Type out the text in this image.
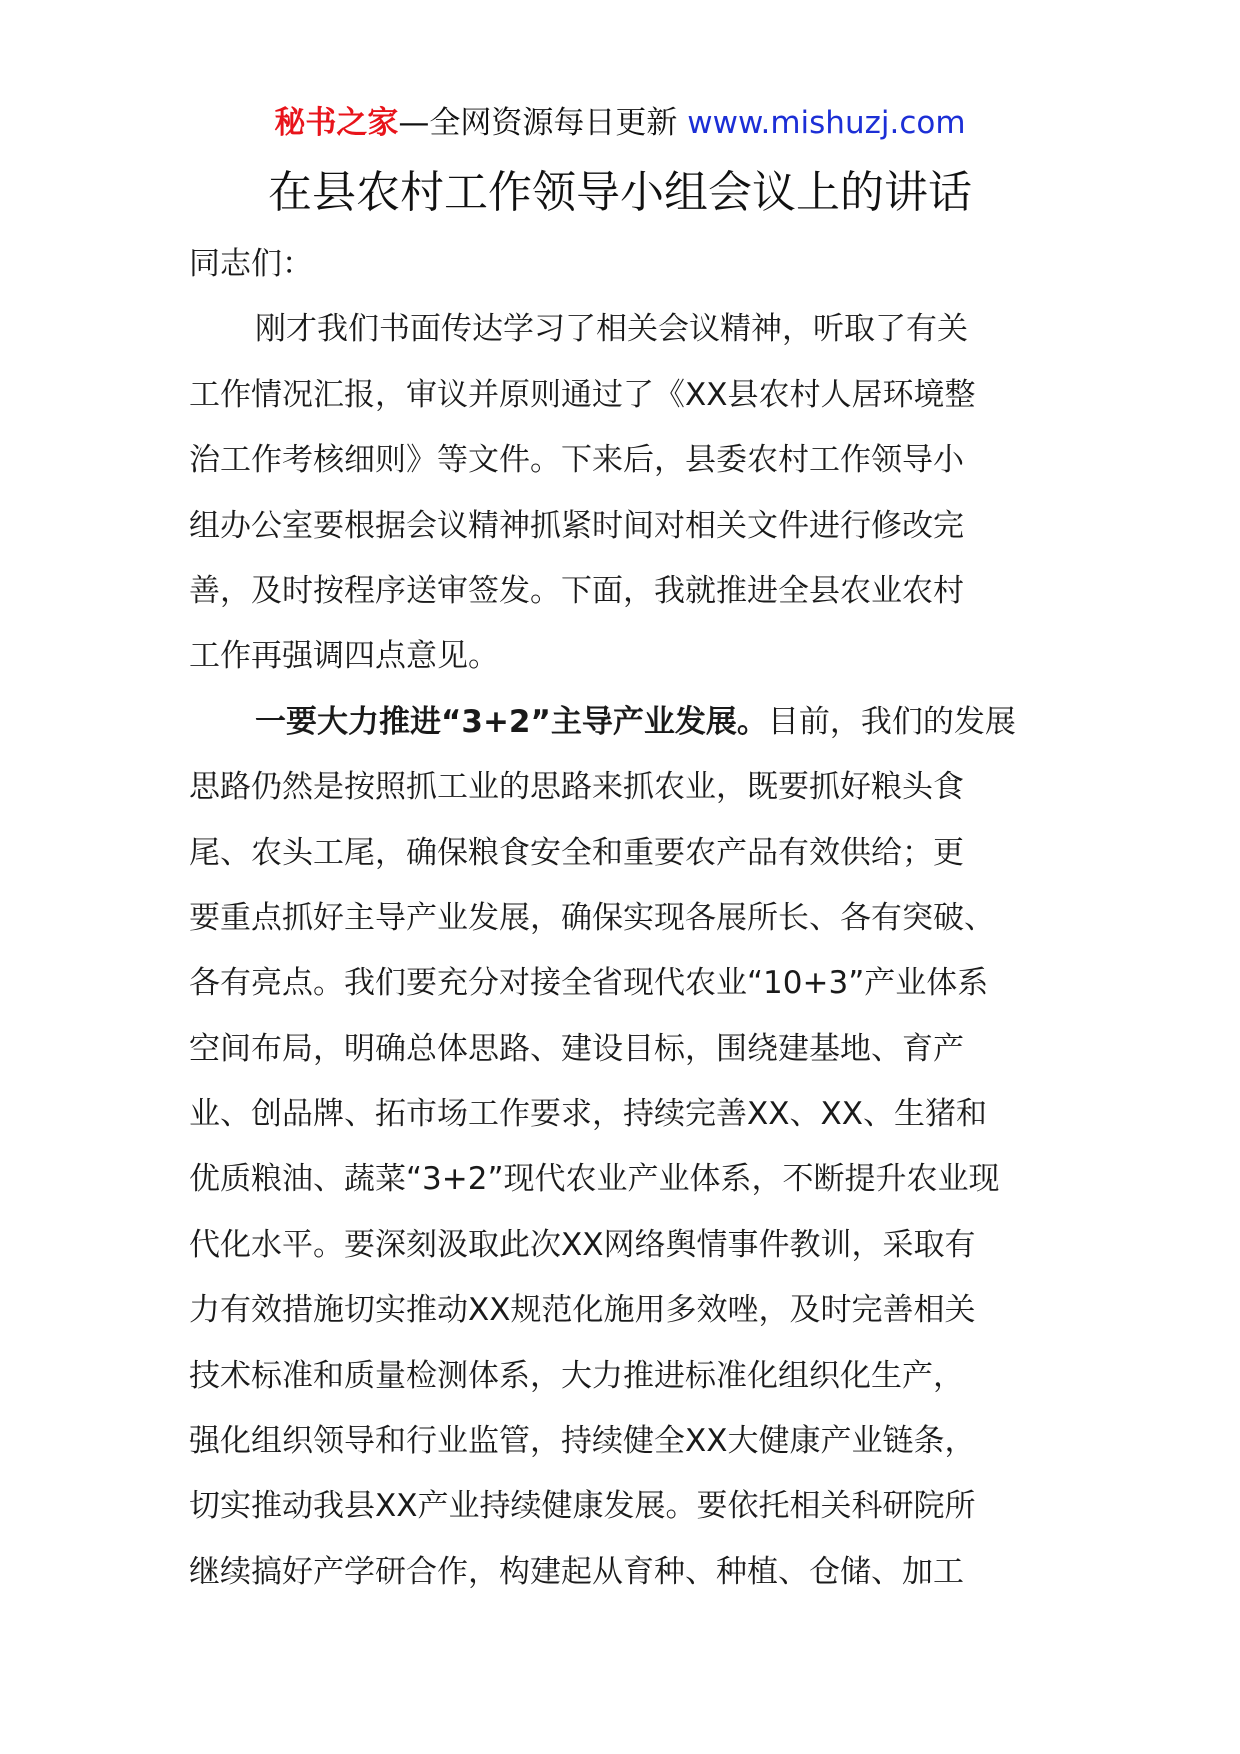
秘书之家—全网资源每日更新 www.mishuzj.com
在县农村工作领导小组会议上的讲话
同志们：

刚才我们书面传达学习了相关会议精神，听取了有关
工作情况汇报，审议并原则通过了《XX县农村人居环境整
治工作考核细则》等文件。下来后，县委农村工作领导小
组办公室要根据会议精神抓紧时间对相关文件进行修改完
善，及时按程序送审签发。下面，我就推进全县农业农村
工作再强调四点意见。

一要大力推进“3+2”主导产业发展。目前，我们的发展
思路仍然是按照抓工业的思路来抓农业，既要抓好粮头食
尾、农头工尾，确保粮食安全和重要农产品有效供给；更
要重点抓好主导产业发展，确保实现各展所长、各有突破、
各有亮点。我们要充分对接全省现代农业“10+3”产业体系
空间布局，明确总体思路、建设目标，围绕建基地、育产
业、创品牌、拓市场工作要求，持续完善XX、XX、生猪和
优质粮油、蔬菜“3+2”现代农业产业体系，不断提升农业现
代化水平。要深刻汲取此次XX网络舆情事件教训，采取有
力有效措施切实推动XX规范化施用多效唑，及时完善相关
技术标准和质量检测体系，大力推进标准化组织化生产，
强化组织领导和行业监管，持续健全XX大健康产业链条，
切实推动我县XX产业持续健康发展。要依托相关科研院所
继续搞好产学研合作，构建起从育种、种植、仓储、加工
